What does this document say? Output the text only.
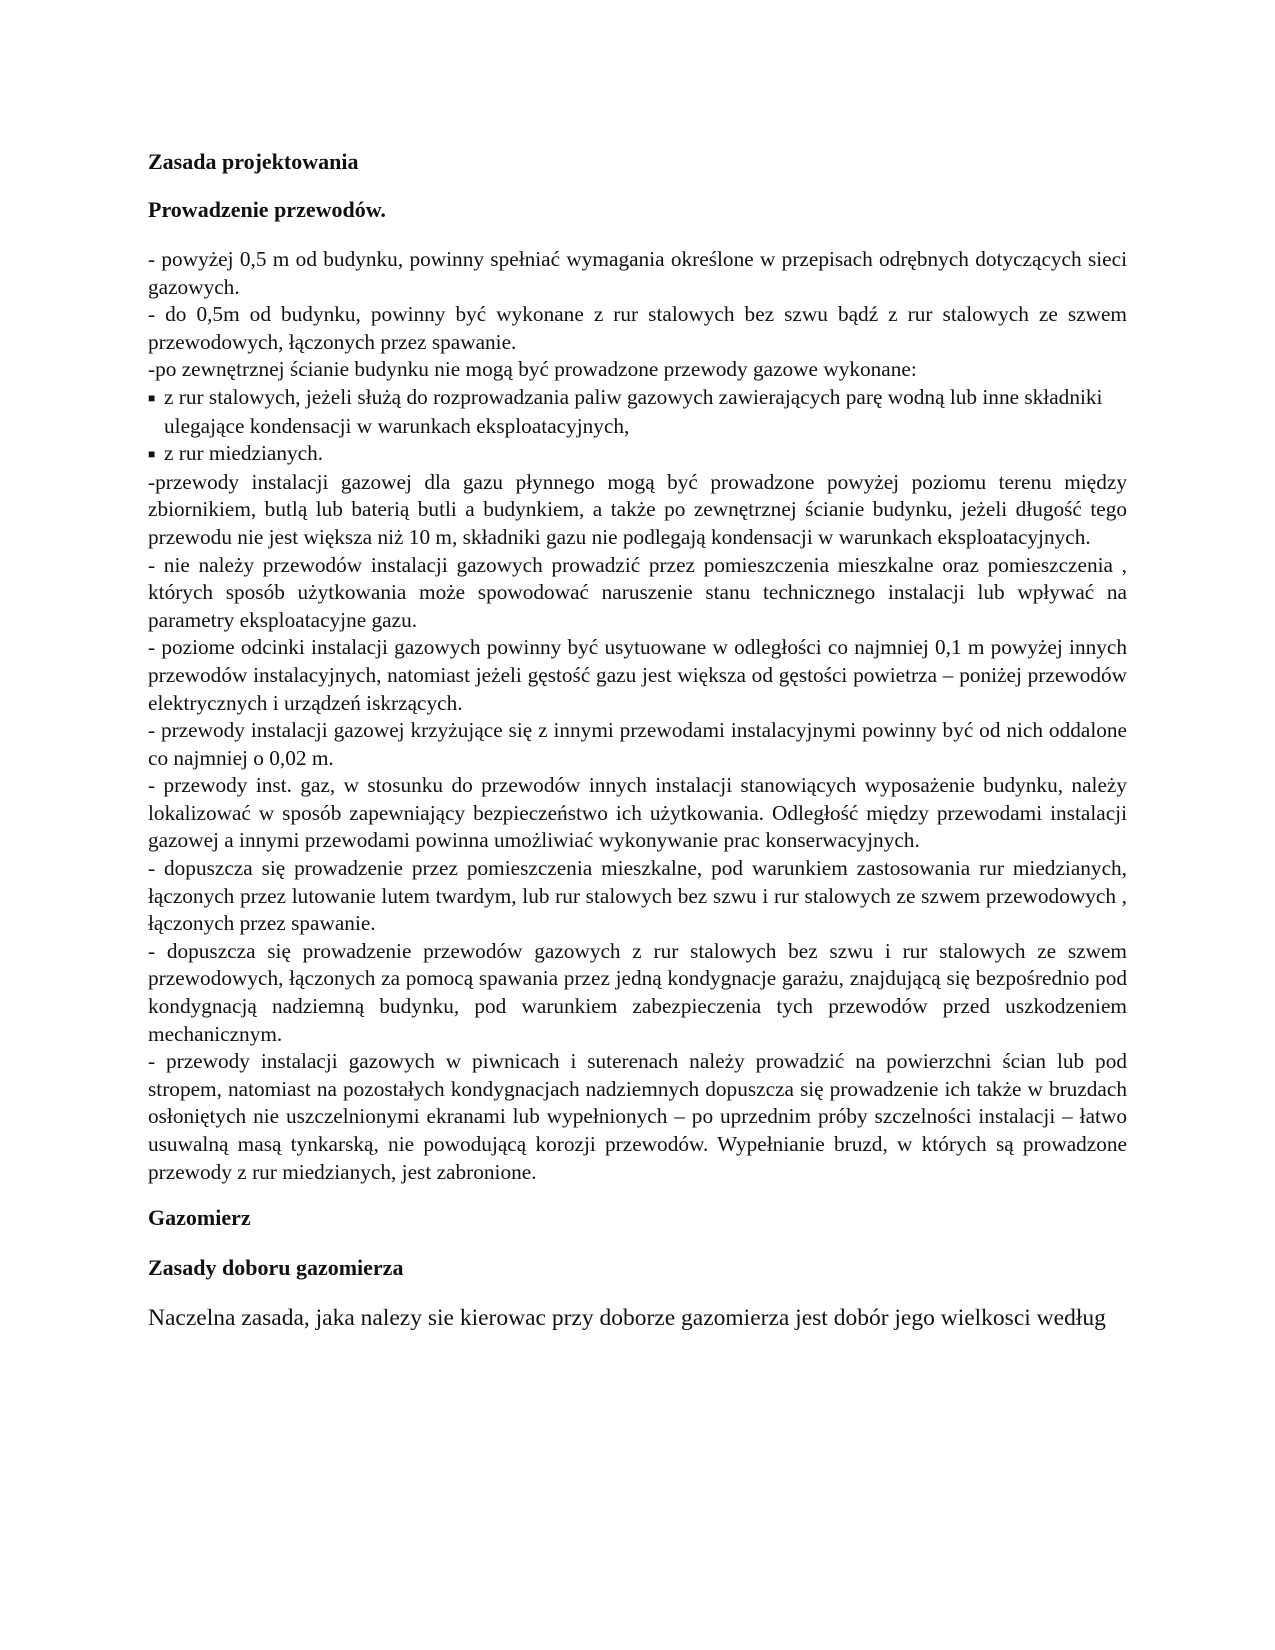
Zasada projektowania
Prowadzenie przewodów.

- powyżej 0,5 m od budynku, powinny spełniać wymagania określone w przepisach odrębnych dotyczących sieci gazowych.

- do 0,5m od budynku, powinny być wykonane z rur stalowych bez szwu bądź z rur stalowych ze szwem przewodowych, łączonych przez spawanie.

-po zewnętrznej ścianie budynku nie mogą być prowadzone przewody gazowe wykonane:

■ z rur stalowych, jeżeli służą do rozprowadzania paliw gazowych zawierających parę wodną lub inne składniki ulegające kondensacji w warunkach eksploatacyjnych,

■ z rur miedzianych.

-przewody instalacji gazowej dla gazu płynnego mogą być prowadzone powyżej poziomu terenu między zbiornikiem, butlą lub baterią butli a budynkiem, a także po zewnętrznej ścianie budynku, jeżeli długość tego przewodu nie jest większa niż 10 m, składniki gazu nie podlegają kondensacji w warunkach eksploatacyjnych.

- nie należy przewodów instalacji gazowych prowadzić przez pomieszczenia mieszkalne oraz pomieszczenia , których sposób użytkowania może spowodować naruszenie stanu technicznego instalacji lub wpływać na parametry eksploatacyjne gazu.

- poziome odcinki instalacji gazowych powinny być usytuowane w odległości co najmniej 0,1 m powyżej innych przewodów instalacyjnych, natomiast jeżeli gęstość gazu jest większa od gęstości powietrza – poniżej przewodów elektrycznych i urządzeń iskrzących.

- przewody instalacji gazowej krzyżujące się z innymi przewodami instalacyjnymi powinny być od nich oddalone co najmniej o 0,02 m.

- przewody inst. gaz, w stosunku do przewodów innych instalacji stanowiących wyposażenie budynku, należy lokalizować w sposób zapewniający bezpieczeństwo ich użytkowania. Odległość między przewodami instalacji gazowej a innymi przewodami powinna umożliwiać wykonywanie prac konserwacyjnych.

- dopuszcza się prowadzenie przez pomieszczenia mieszkalne, pod warunkiem zastosowania rur miedzianych, łączonych przez lutowanie lutem twardym, lub rur stalowych bez szwu i rur stalowych ze szwem przewodowych , łączonych przez spawanie.

- dopuszcza się prowadzenie przewodów gazowych z rur stalowych bez szwu i rur stalowych ze szwem przewodowych, łączonych za pomocą spawania przez jedną kondygnacje garażu, znajdującą się bezpośrednio pod kondygnacją nadziemną budynku, pod warunkiem zabezpieczenia tych przewodów przed uszkodzeniem mechanicznym.

- przewody instalacji gazowych w piwnicach i suterenach należy prowadzić na powierzchni ścian lub pod stropem, natomiast na pozostałych kondygnacjach nadziemnych dopuszcza się prowadzenie ich także w bruzdach osłoniętych nie uszczelnionymi ekranami lub wypełnionych – po uprzednim próby szczelności instalacji – łatwo usuwalną masą tynkarską, nie powodującą korozji przewodów. Wypełnianie bruzd, w których są prowadzone przewody z rur miedzianych, jest zabronione.

Gazomierz
Zasady doboru gazomierza

Naczelna zasada, jaka nalezy sie kierowac przy doborze gazomierza jest dobór jego wielkosci według
